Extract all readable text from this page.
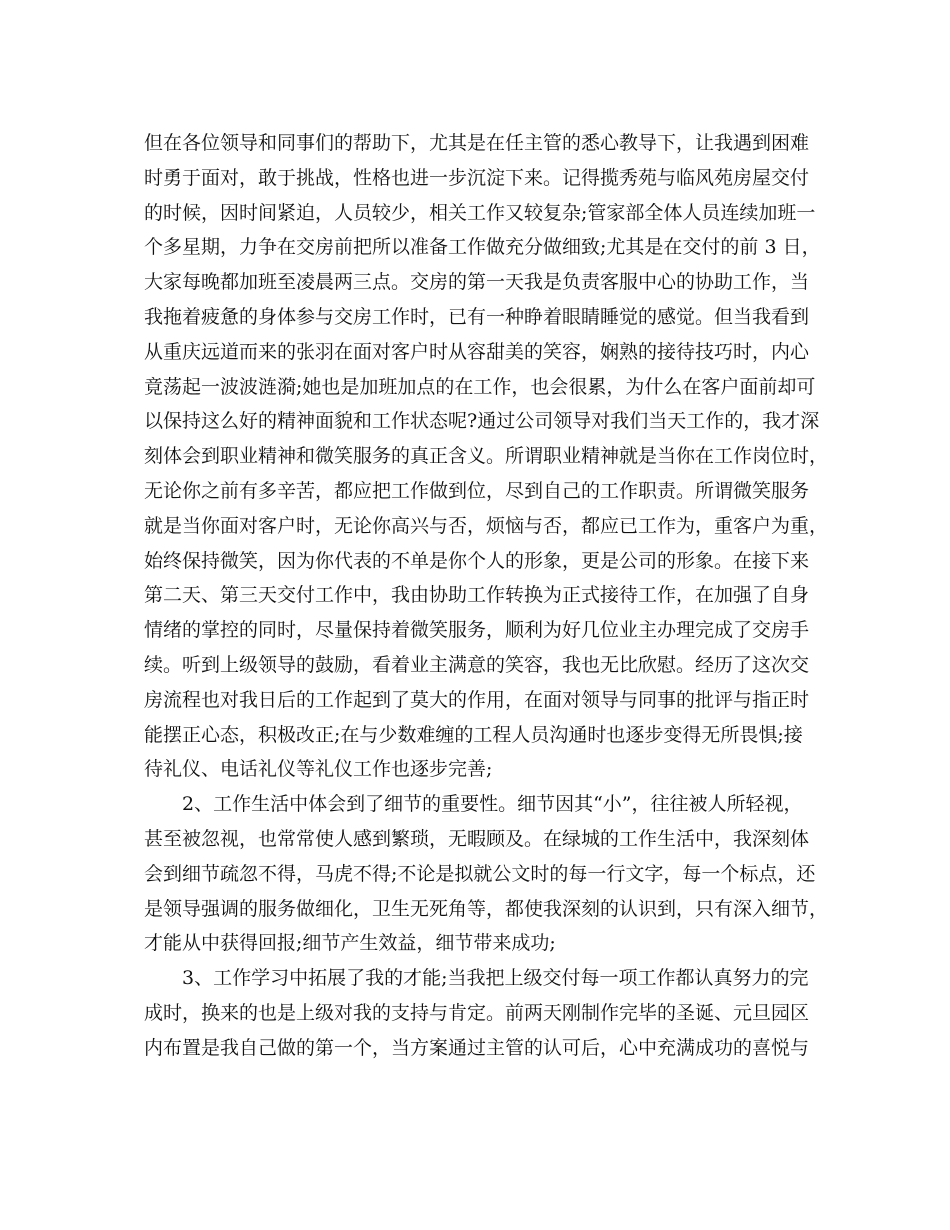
但在各位领导和同事们的帮助下，尤其是在任主管的悉心教导下，让我遇到困难
时勇于面对，敢于挑战，性格也进一步沉淀下来。记得揽秀苑与临风苑房屋交付
的时候，因时间紧迫，人员较少，相关工作又较复杂;管家部全体人员连续加班一
个多星期，力争在交房前把所以准备工作做充分做细致;尤其是在交付的前 3 日，
大家每晚都加班至凌晨两三点。交房的第一天我是负责客服中心的协助工作，当
我拖着疲惫的身体参与交房工作时，已有一种睁着眼睛睡觉的感觉。但当我看到
从重庆远道而来的张羽在面对客户时从容甜美的笑容，娴熟的接待技巧时，内心
竟荡起一波波涟漪;她也是加班加点的在工作，也会很累，为什么在客户面前却可
以保持这么好的精神面貌和工作状态呢?通过公司领导对我们当天工作的，我才深
刻体会到职业精神和微笑服务的真正含义。所谓职业精神就是当你在工作岗位时，
无论你之前有多辛苦，都应把工作做到位，尽到自己的工作职责。所谓微笑服务
就是当你面对客户时，无论你高兴与否，烦恼与否，都应已工作为，重客户为重，
始终保持微笑，因为你代表的不单是你个人的形象，更是公司的形象。在接下来
第二天、第三天交付工作中，我由协助工作转换为正式接待工作，在加强了自身
情绪的掌控的同时，尽量保持着微笑服务，顺利为好几位业主办理完成了交房手
续。听到上级领导的鼓励，看着业主满意的笑容，我也无比欣慰。经历了这次交
房流程也对我日后的工作起到了莫大的作用，在面对领导与同事的批评与指正时
能摆正心态，积极改正;在与少数难缠的工程人员沟通时也逐步变得无所畏惧;接
待礼仪、电话礼仪等礼仪工作也逐步完善;
　　2、工作生活中体会到了细节的重要性。细节因其“小”，往往被人所轻视，
甚至被忽视，也常常使人感到繁琐，无暇顾及。在绿城的工作生活中，我深刻体
会到细节疏忽不得，马虎不得;不论是拟就公文时的每一行文字，每一个标点，还
是领导强调的服务做细化，卫生无死角等，都使我深刻的认识到，只有深入细节，
才能从中获得回报;细节产生效益，细节带来成功;
　　3、工作学习中拓展了我的才能;当我把上级交付每一项工作都认真努力的完
成时，换来的也是上级对我的支持与肯定。前两天刚制作完毕的圣诞、元旦园区
内布置是我自己做的第一个，当方案通过主管的认可后，心中充满成功的喜悦与
